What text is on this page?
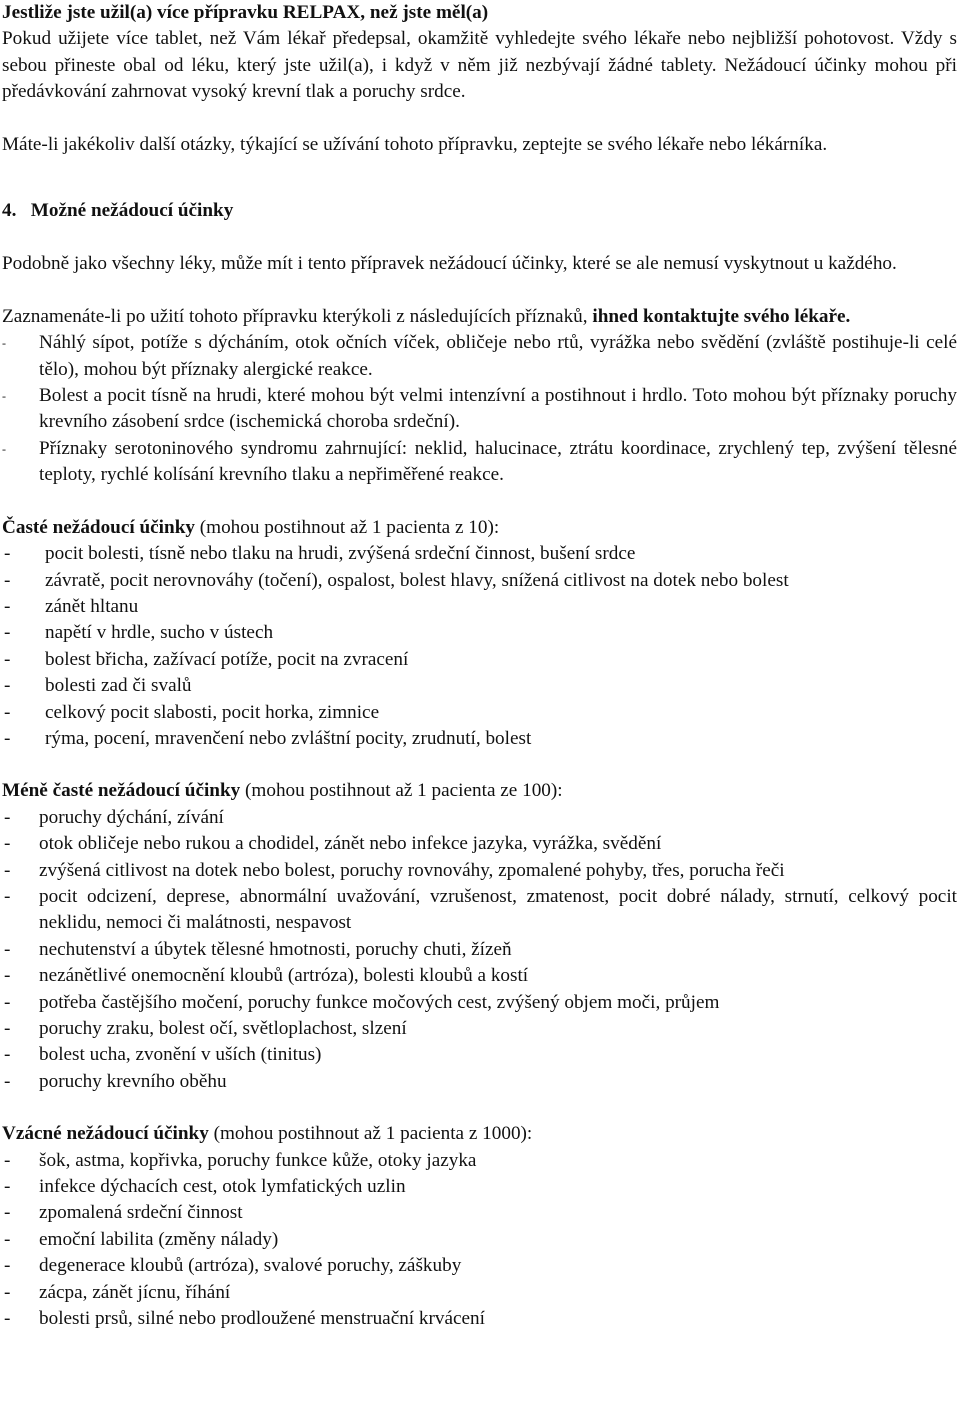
Jestliže jste užil(a) více přípravku RELPAX, než jste měl(a)

Pokud užijete více tablet, než Vám lékař předepsal, okamžitě vyhledejte svého lékaře nebo nejbližší pohotovost. Vždy s sebou přineste obal od léku, který jste užil(a), i když v něm již nezbývají žádné tablety. Nežádoucí účinky mohou při předávkování zahrnovat vysoký krevní tlak a poruchy srdce.

Máte-li jakékoliv další otázky, týkající se užívání tohoto přípravku, zeptejte se svého lékaře nebo lékárníka.

4.   Možné nežádoucí účinky

Podobně jako všechny léky, může mít i tento přípravek nežádoucí účinky, které se ale nemusí vyskytnout u každého.

Zaznamenáte-li po užití tohoto přípravku kterýkoli z následujících příznaků, ihned kontaktujte svého lékaře.

- Náhlý sípot, potíže s dýcháním, otok očních víček, obličeje nebo rtů, vyrážka nebo svědění (zvláště postihuje-li celé tělo), mohou být příznaky alergické reakce.
- Bolest a pocit tísně na hrudi, které mohou být velmi intenzívní a postihnout i hrdlo. Toto mohou být příznaky poruchy krevního zásobení srdce (ischemická choroba srdeční).
- Příznaky serotoninového syndromu zahrnující: neklid, halucinace, ztrátu koordinace, zrychlený tep, zvýšení tělesné teploty, rychlé kolísání krevního tlaku a nepřiměřené reakce.

Časté nežádoucí účinky (mohou postihnout až 1 pacienta z 10):

- pocit bolesti, tísně nebo tlaku na hrudi, zvýšená srdeční činnost, bušení srdce
- závratě, pocit nerovnováhy (točení), ospalost, bolest hlavy, snížená citlivost na dotek nebo bolest
- zánět hltanu
- napětí v hrdle, sucho v ústech
- bolest břicha, zažívací potíže, pocit na zvracení
- bolesti zad či svalů
- celkový pocit slabosti, pocit horka, zimnice
- rýma, pocení, mravenčení nebo zvláštní pocity, zrudnutí, bolest

Méně časté nežádoucí účinky (mohou postihnout až 1 pacienta ze 100):

- poruchy dýchání, zívání
- otok obličeje nebo rukou a chodidel, zánět nebo infekce jazyka, vyrážka, svědění
- zvýšená citlivost na dotek nebo bolest, poruchy rovnováhy, zpomalené pohyby, třes, porucha řeči
- pocit odcizení, deprese, abnormální uvažování, vzrušenost, zmatenost, pocit dobré nálady, strnutí, celkový pocit neklidu, nemoci či malátnosti, nespavost
- nechutenství a úbytek tělesné hmotnosti, poruchy chuti, žízeň
- nezánětlivé onemocnění kloubů (artróza), bolesti kloubů a kostí
- potřeba častějšího močení, poruchy funkce močových cest, zvýšený objem moči, průjem
- poruchy zraku, bolest očí, světloplachost, slzení
- bolest ucha, zvonění v uších (tinitus)
- poruchy krevního oběhu

Vzácné nežádoucí účinky (mohou postihnout až 1 pacienta z 1000):

- šok, astma, kopřivka, poruchy funkce kůže, otoky jazyka
- infekce dýchacích cest, otok lymfatických uzlin
- zpomalená srdeční činnost
- emoční labilita (změny nálady)
- degenerace kloubů (artróza), svalové poruchy, záškuby
- zácpa, zánět jícnu, říhání
- bolesti prsů, silné nebo prodloužené menstruační krvácení
